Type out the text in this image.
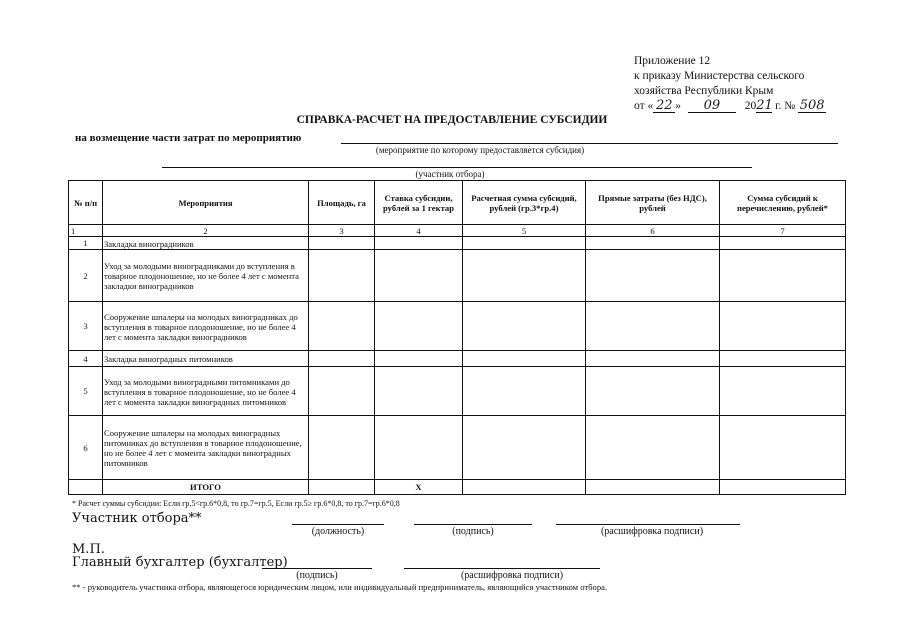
Приложение 12
к приказу Министерства сельского
хозяйства Республики Крым
от « 22 » 09 2021 г. № 508
СПРАВКА-РАСЧЕТ НА ПРЕДОСТАВЛЕНИЕ СУБСИДИИ
на возмещение части затрат по мероприятию
(мероприятие по которому предоставляется субсидия)
(участник отбора)
№ п/п	Мероприятия	Площадь, га	Ставка субсидии, рублей за 1 гектар	Расчетная сумма субсидий, рублей (гр.3*гр.4)	Прямые затраты (без НДС), рублей	Сумма субсидий к перечислению, рублей*
1	2	3	4	5	6	7
1	Закладка виноградников					
2	Уход за молодыми виноградниками до вступления в товарное плодоношение, но не более 4 лет с момента закладки виноградников					
3	Сооружение шпалеры на молодых виноградниках до вступления в товарное плодоношение, но не более 4 лет с момента закладки виноградников					
4	Закладка виноградных питомников					
5	Уход за молодыми виноградными питомниками до вступления в товарное плодоношение, но не более 4 лет с момента закладки виноградных питомников					
6	Сооружение шпалеры на молодых виноградных питомниках до вступления в товарное плодоношение, но не более 4 лет с момента закладки виноградных питомников					
	ИТОГО		Х			
* Расчет суммы субсидии: Если гр.5<гр.6*0,8, то гр.7=гр.5, Если гр.5≥ гр.6*0,8, то гр.7=гр.6*0,8
Участник отбора**
(должность)	(подпись)	(расшифровка подписи)
М.П.
Главный бухгалтер (бухгалтер)
(подпись)	(расшифровка подписи)
** - руководитель участника отбора, являющегося юридическим лицом, или индивидуальный предприниматель, являющийся участником отбора.
